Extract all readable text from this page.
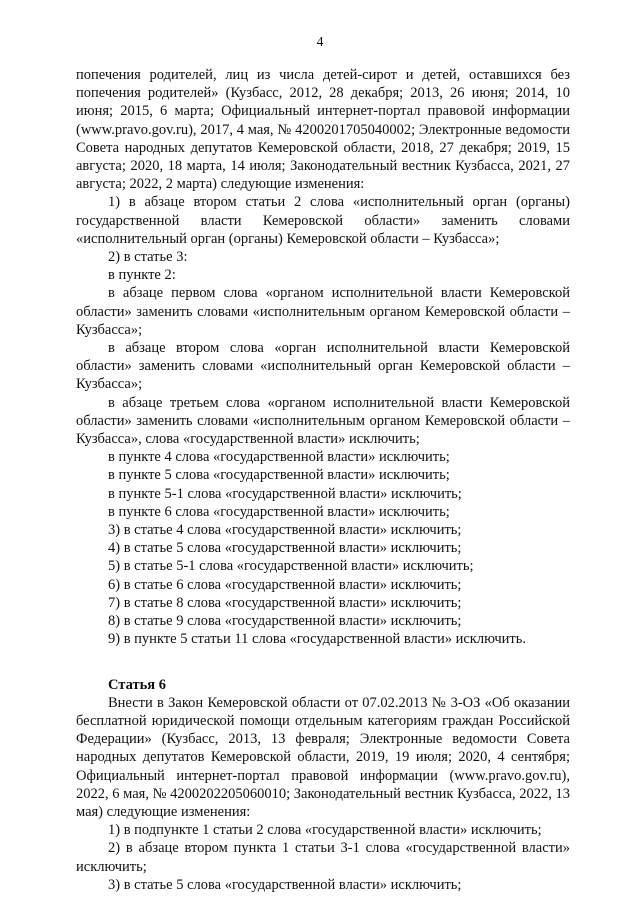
4

попечения родителей, лиц из числа детей-сирот и детей, оставшихся без попечения родителей» (Кузбасс, 2012, 28 декабря; 2013, 26 июня; 2014, 10 июня; 2015, 6 марта; Официальный интернет-портал правовой информации (www.pravo.gov.ru), 2017, 4 мая, № 4200201705040002; Электронные ведомости Совета народных депутатов Кемеровской области, 2018, 27 декабря; 2019, 15 августа; 2020, 18 марта, 14 июля; Законодательный вестник Кузбасса, 2021, 27 августа; 2022, 2 марта) следующие изменения:

1) в абзаце втором статьи 2 слова «исполнительный орган (органы) государственной власти Кемеровской области» заменить словами «исполнительный орган (органы) Кемеровской области – Кузбасса»;

2) в статье 3:

в пункте 2:

в абзаце первом слова «органом исполнительной власти Кемеровской области» заменить словами «исполнительным органом Кемеровской области – Кузбасса»;

в абзаце втором слова «орган исполнительной власти Кемеровской области» заменить словами «исполнительный орган Кемеровской области – Кузбасса»;

в абзаце третьем слова «органом исполнительной власти Кемеровской области» заменить словами «исполнительным органом Кемеровской области – Кузбасса», слова «государственной власти» исключить;

в пункте 4 слова «государственной власти» исключить;

в пункте 5 слова «государственной власти» исключить;

в пункте 5-1 слова «государственной власти» исключить;

в пункте 6 слова «государственной власти» исключить;

3) в статье 4 слова «государственной власти» исключить;

4) в статье 5 слова «государственной власти» исключить;

5) в статье 5-1 слова «государственной власти» исключить;

6) в статье 6 слова «государственной власти» исключить;

7) в статье 8 слова «государственной власти» исключить;

8) в статье 9 слова «государственной власти» исключить;

9) в пункте 5 статьи 11 слова «государственной власти» исключить.

Статья 6

Внести в Закон Кемеровской области от 07.02.2013 № 3-ОЗ «Об оказании бесплатной юридической помощи отдельным категориям граждан Российской Федерации» (Кузбасс, 2013, 13 февраля; Электронные ведомости Совета народных депутатов Кемеровской области, 2019, 19 июля; 2020, 4 сентября; Официальный интернет-портал правовой информации (www.pravo.gov.ru), 2022, 6 мая, № 4200202205060010; Законодательный вестник Кузбасса, 2022, 13 мая) следующие изменения:

1) в подпункте 1 статьи 2 слова «государственной власти» исключить;

2) в абзаце втором пункта 1 статьи 3-1 слова «государственной власти» исключить;

3) в статье 5 слова «государственной власти» исключить;
